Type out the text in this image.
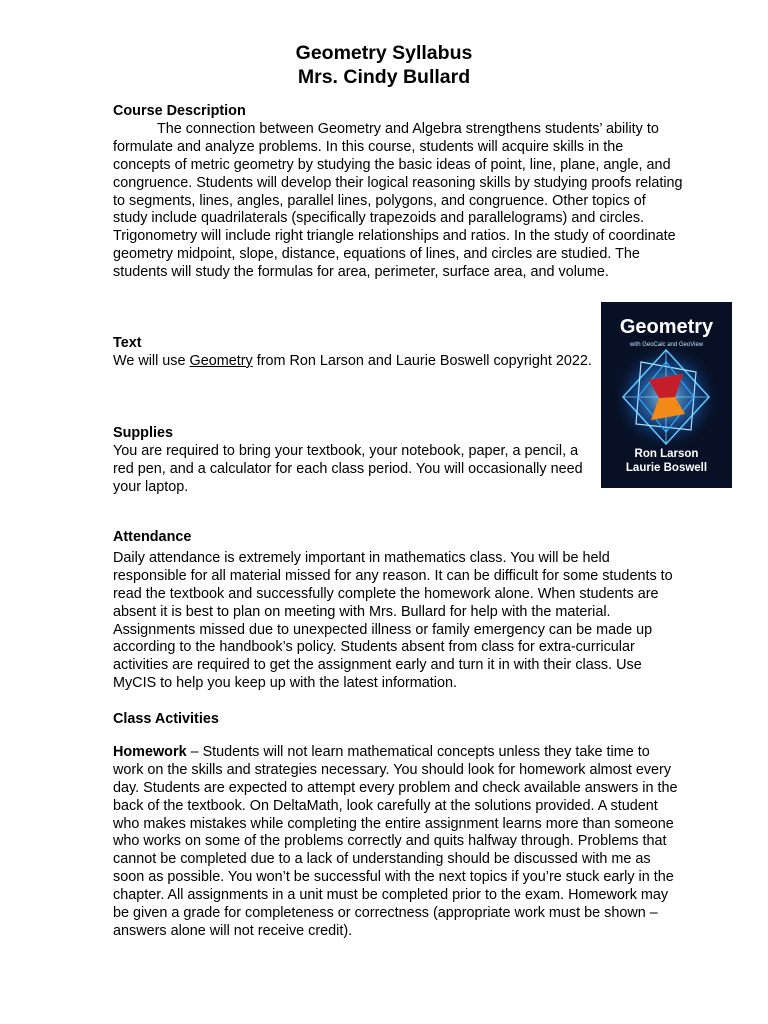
Geometry Syllabus
Mrs. Cindy Bullard
Course Description
The connection between Geometry and Algebra strengthens students’ ability to formulate and analyze problems. In this course, students will acquire skills in the concepts of metric geometry by studying the basic ideas of point, line, plane, angle, and congruence. Students will develop their logical reasoning skills by studying proofs relating to segments, lines, angles, parallel lines, polygons, and congruence. Other topics of study include quadrilaterals (specifically trapezoids and parallelograms) and circles. Trigonometry will include right triangle relationships and ratios. In the study of coordinate geometry midpoint, slope, distance, equations of lines, and circles are studied. The students will study the formulas for area, perimeter, surface area, and volume.
Text
We will use Geometry from Ron Larson and Laurie Boswell copyright 2022.
Geometry
with GeoCalc and GeoView
Ron Larson
Laurie Boswell
Supplies
You are required to bring your textbook, your notebook, paper, a pencil, a red pen, and a calculator for each class period. You will occasionally need your laptop.
Attendance
Daily attendance is extremely important in mathematics class. You will be held responsible for all material missed for any reason. It can be difficult for some students to read the textbook and successfully complete the homework alone. When students are absent it is best to plan on meeting with Mrs. Bullard for help with the material. Assignments missed due to unexpected illness or family emergency can be made up according to the handbook’s policy. Students absent from class for extra-curricular activities are required to get the assignment early and turn it in with their class. Use MyCIS to help you keep up with the latest information.
Class Activities
Homework – Students will not learn mathematical concepts unless they take time to work on the skills and strategies necessary. You should look for homework almost every day. Students are expected to attempt every problem and check available answers in the back of the textbook. On DeltaMath, look carefully at the solutions provided. A student who makes mistakes while completing the entire assignment learns more than someone who works on some of the problems correctly and quits halfway through. Problems that cannot be completed due to a lack of understanding should be discussed with me as soon as possible. You won’t be successful with the next topics if you’re stuck early in the chapter. All assignments in a unit must be completed prior to the exam. Homework may be given a grade for completeness or correctness (appropriate work must be shown – answers alone will not receive credit).
